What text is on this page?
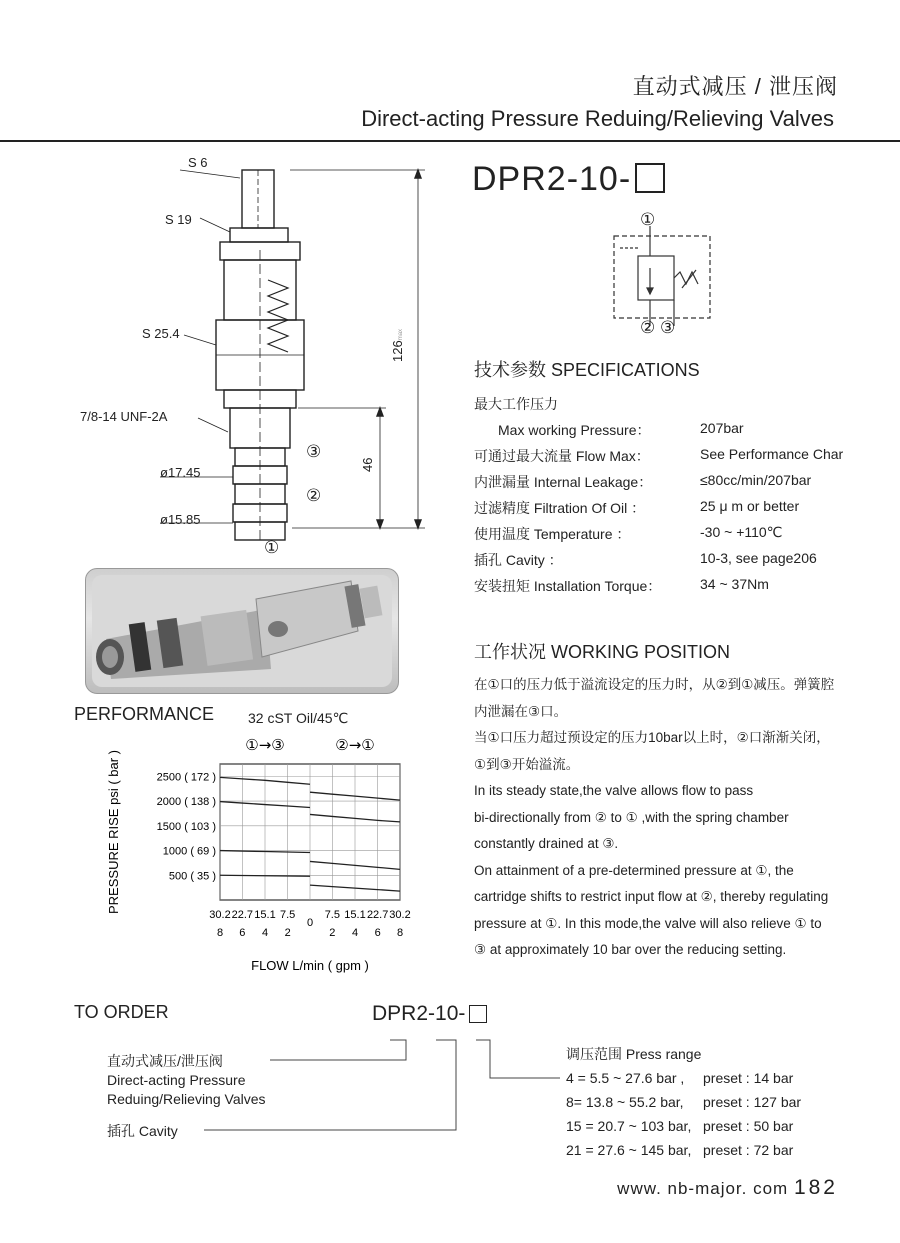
直动式减压 / 泄压阀
Direct-acting Pressure Reduing/Relieving Valves
DPR2-10-
S 6
S 19
S 25.4
7/8-14 UNF-2A
ø17.45
ø15.85
③
②
①
126max
46
①
② ③
技术参数 SPECIFICATIONS
最大工作压力
Max working Pressure：	207bar
可通过最大流量 Flow Max：	See Performance Char
内泄漏量 Internal Leakage：	≤80cc/min/207bar
过滤精度 Filtration Of Oil ：	25 μ m or better
使用温度 Temperature ：	-30 ~ +110℃
插孔 Cavity ：	10-3, see page206
安装扭矩 Installation Torque：	34 ~ 37Nm
工作状况 WORKING POSITION

在①口的压力低于溢流设定的压力时，从②到①减压。弹簧腔

内泄漏在③口。

当①口压力超过预设定的压力10bar以上时，②口渐渐关闭，

①到③开始溢流。

In its steady state,the valve allows flow to pass

bi-directionally from ② to ① ,with the spring chamber

constantly drained at ③.

On attainment of a pre-determined pressure at ①, the

cartridge shifts to restrict input flow at ②, thereby regulating

pressure at ①. In this mode,the valve will also relieve ① to

③ at approximately 10 bar over the reducing setting.

PERFORMANCE 32 cST Oil/45℃
2500 ( 172 )
2000 ( 138 )
1500 ( 103 )
1000 ( 69 )
500 ( 35 )
30.2
8
22.7
6
15.1
4
7.5
2
0
7.5
2
15.1
4
22.7
6
30.2
8
FLOW L/min ( gpm )
PRESSURE RISE psi ( bar )
①→③	②→①
TO ORDER	DPR2-10-
直动式减压/泄压阀
Direct-acting Pressure
Reduing/Relieving Valves
插孔 Cavity
调压范围 Press range
4 = 5.5 ~ 27.6 bar , preset : 14 bar
8= 13.8 ~ 55.2 bar, preset : 127 bar
15 = 20.7 ~ 103 bar, preset : 50 bar
21 = 27.6 ~ 145 bar, preset : 72 bar
www. nb-major. com 182
